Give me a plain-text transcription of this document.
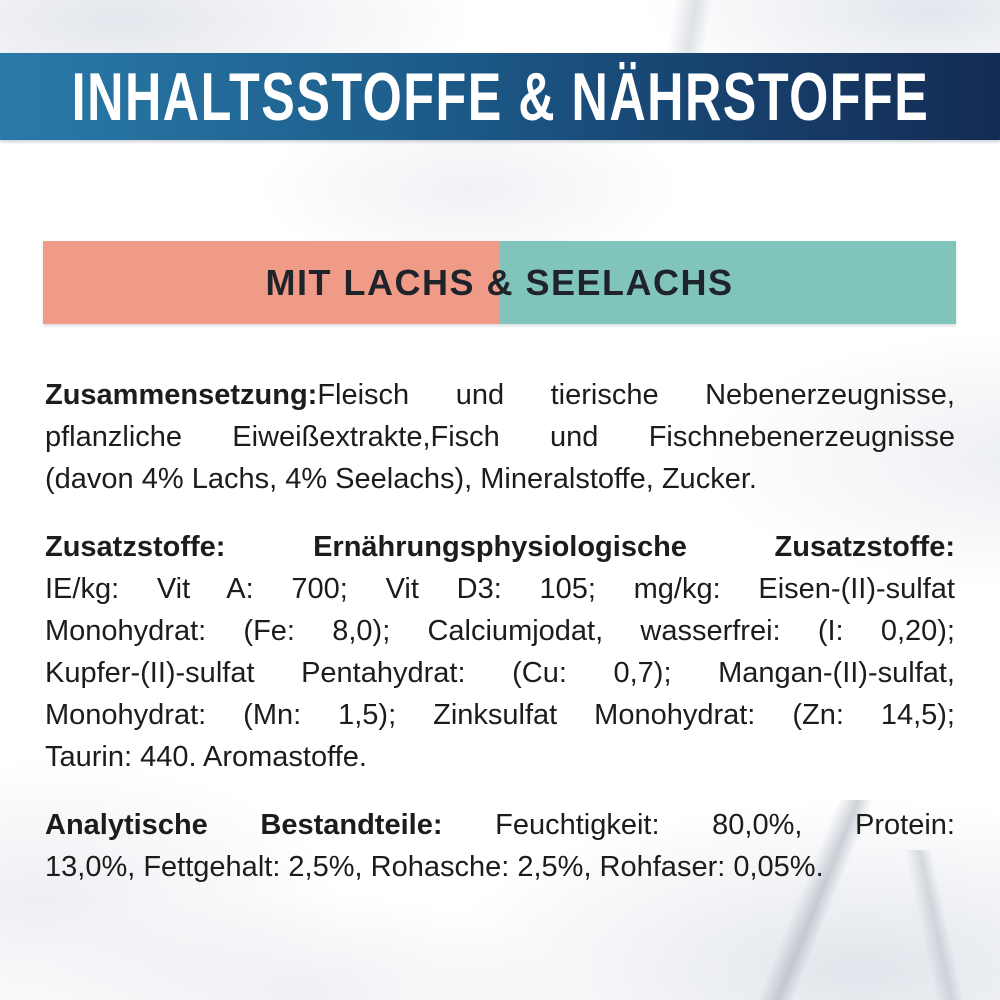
INHALTSSTOFFE & NÄHRSTOFFE
MIT LACHS & SEELACHS
Zusammensetzung:Fleisch und tierische Nebenerzeugnisse,
pflanzliche Eiweißextrakte,Fisch und Fischnebenerzeugnisse
(davon 4% Lachs, 4% Seelachs), Mineralstoffe, Zucker.
Zusatzstoffe: Ernährungsphysiologische Zusatzstoffe:
IE/kg: Vit A: 700; Vit D3: 105; mg/kg: Eisen-(II)-sulfat
Monohydrat: (Fe: 8,0); Calciumjodat, wasserfrei: (I: 0,20);
Kupfer-(II)-sulfat Pentahydrat: (Cu: 0,7); Mangan-(II)-sulfat,
Monohydrat: (Mn: 1,5); Zinksulfat Monohydrat: (Zn: 14,5);
Taurin: 440. Aromastoffe.
Analytische Bestandteile: Feuchtigkeit: 80,0%, Protein:
13,0%, Fettgehalt: 2,5%, Rohasche: 2,5%, Rohfaser: 0,05%.
